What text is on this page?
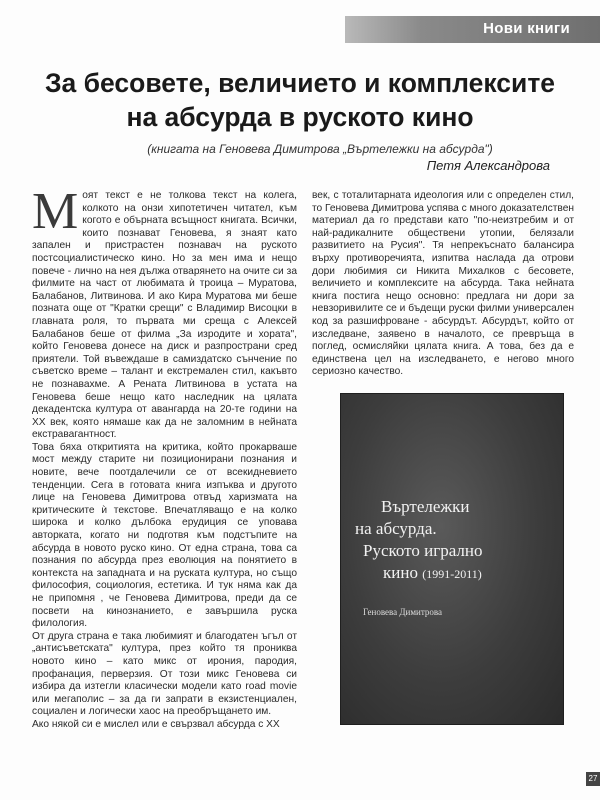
Нови книги
За бесовете, величието и комплексите
на абсурда в руското кино

(книгата на Геновева Димитрова „Въртележки на абсурда")

Петя Александрова

Моят текст е не толкова текст на колега, колкото на онзи хипотетичен читател, към когото е обърната всъщност книгата. Всички, които познават Геновева, я знаят като запален и пристрастен познавач на руското постсоциалистическо кино. Но за мен има и нещо повече - лично на нея дължа отварянето на очите си за филмите на част от любимата ѝ троица – Муратова, Балабанов, Литвинова. И ако Кира Муратова ми беше позната още от "Кратки срещи" с Владимир Висоцки в главната роля, то първата ми среща с Алексей Балабанов беше от филма „За изродите и хората", който Геновева донесе на диск и разпространи сред приятели. Той въвеждаше в самиздатско сънчение по съветско време – талант и екстремален стил, какъвто не познавахме. А Рената Литвинова в устата на Геновева беше нещо като наследник на цялата декадентска култура от авангарда на 20-те години на ХХ век, която нямаше как да не заломним в нейната екстравагантност.

Това бяха откритията на критика, който прокарваше мост между старите ни позиционирани познания и новите, вече поотдалечили се от всекидневието тенденции. Сега в готовата книга изпъква и другото лице на Геновева Димитрова отвъд харизмата на критическите ѝ текстове. Впечатляващо е на колко широка и колко дълбока ерудиция се уповава авторката, когато ни подготвя към подстъпите на абсурда в новото руско кино. От една страна, това са познания по абсурда през еволюция на понятието в контекста на западната и на руската култура, но също философия, социология, естетика. И тук няма как да не припомня , че Геновева Димитрова, преди да се посвети на кинознанието, е завършила руска филология.

От друга страна е така любимият и благодатен ъгъл от „антисъветската" култура, през който тя прониква новото кино – като микс от ирония, пародия, профанация, перверзия. От този микс Геновева си избира да изтегли класически модели като road movie или мегаполис – за да ги запрати в екзистенциален, социален и логически хаос на преобръщането им.

Ако някой си е мислел или е свързвал абсурда с ХХ

век, с тоталитарната идеология или с определен стил, то Геновева Димитрова успява с много доказателствен материал да го представи като "по-неизтребим и от най-радикалните обществени утопии, белязали развитието на Русия". Тя непрекъснато балансира върху противоречията, изпитва наслада да отрови дори любимия си Никита Михалков с бесовете, величието и комплексите на абсурда. Така нейната книга постига нещо основно: предлага ни дори за невзоривилите се и бъдещи руски филми универсален код за разшифроване - абсурдът. Абсурдът, който от изследване, заявено в началото, се превръща в поглед, осмисляйки цялата книга. А това, без да е единствена цел на изследването, е негово много сериозно качество.

Въртележки
на абсурда.
Руското игрално
кино (1991-2011)
Геновева Димитрова
27
